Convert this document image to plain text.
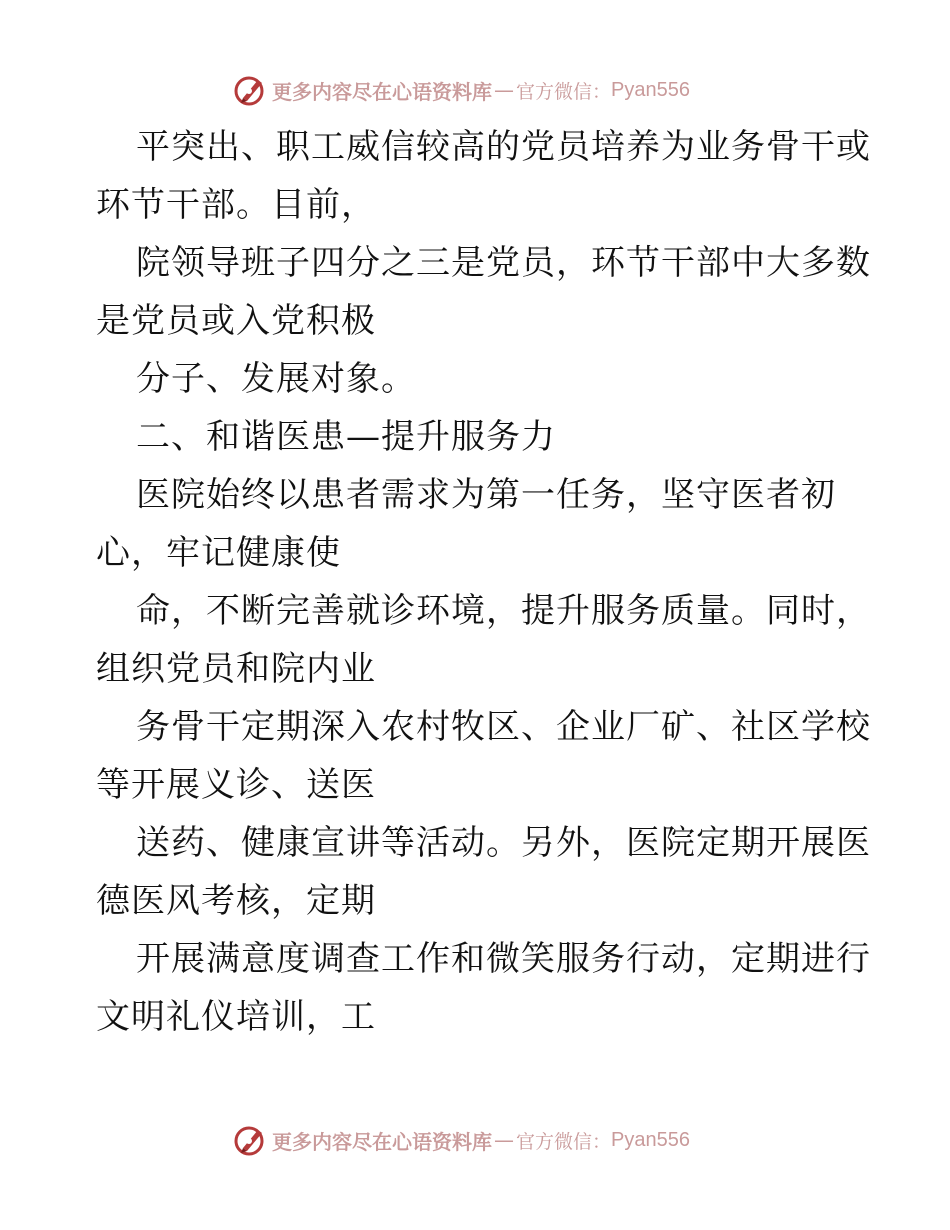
更多内容尽在心语资料库 — 官方微信： Pyan556
平突出、职工威信较高的党员培养为业务骨干或
环节干部。目前，
院领导班子四分之三是党员，环节干部中大多数
是党员或入党积极
分子、发展对象。
二、和谐医患—提升服务力
医院始终以患者需求为第一任务，坚守医者初
心，牢记健康使
命，不断完善就诊环境，提升服务质量。同时，
组织党员和院内业
务骨干定期深入农村牧区、企业厂矿、社区学校
等开展义诊、送医
送药、健康宣讲等活动。另外，医院定期开展医
德医风考核，定期
开展满意度调查工作和微笑服务行动，定期进行
文明礼仪培训，工
更多内容尽在心语资料库 — 官方微信： Pyan556
